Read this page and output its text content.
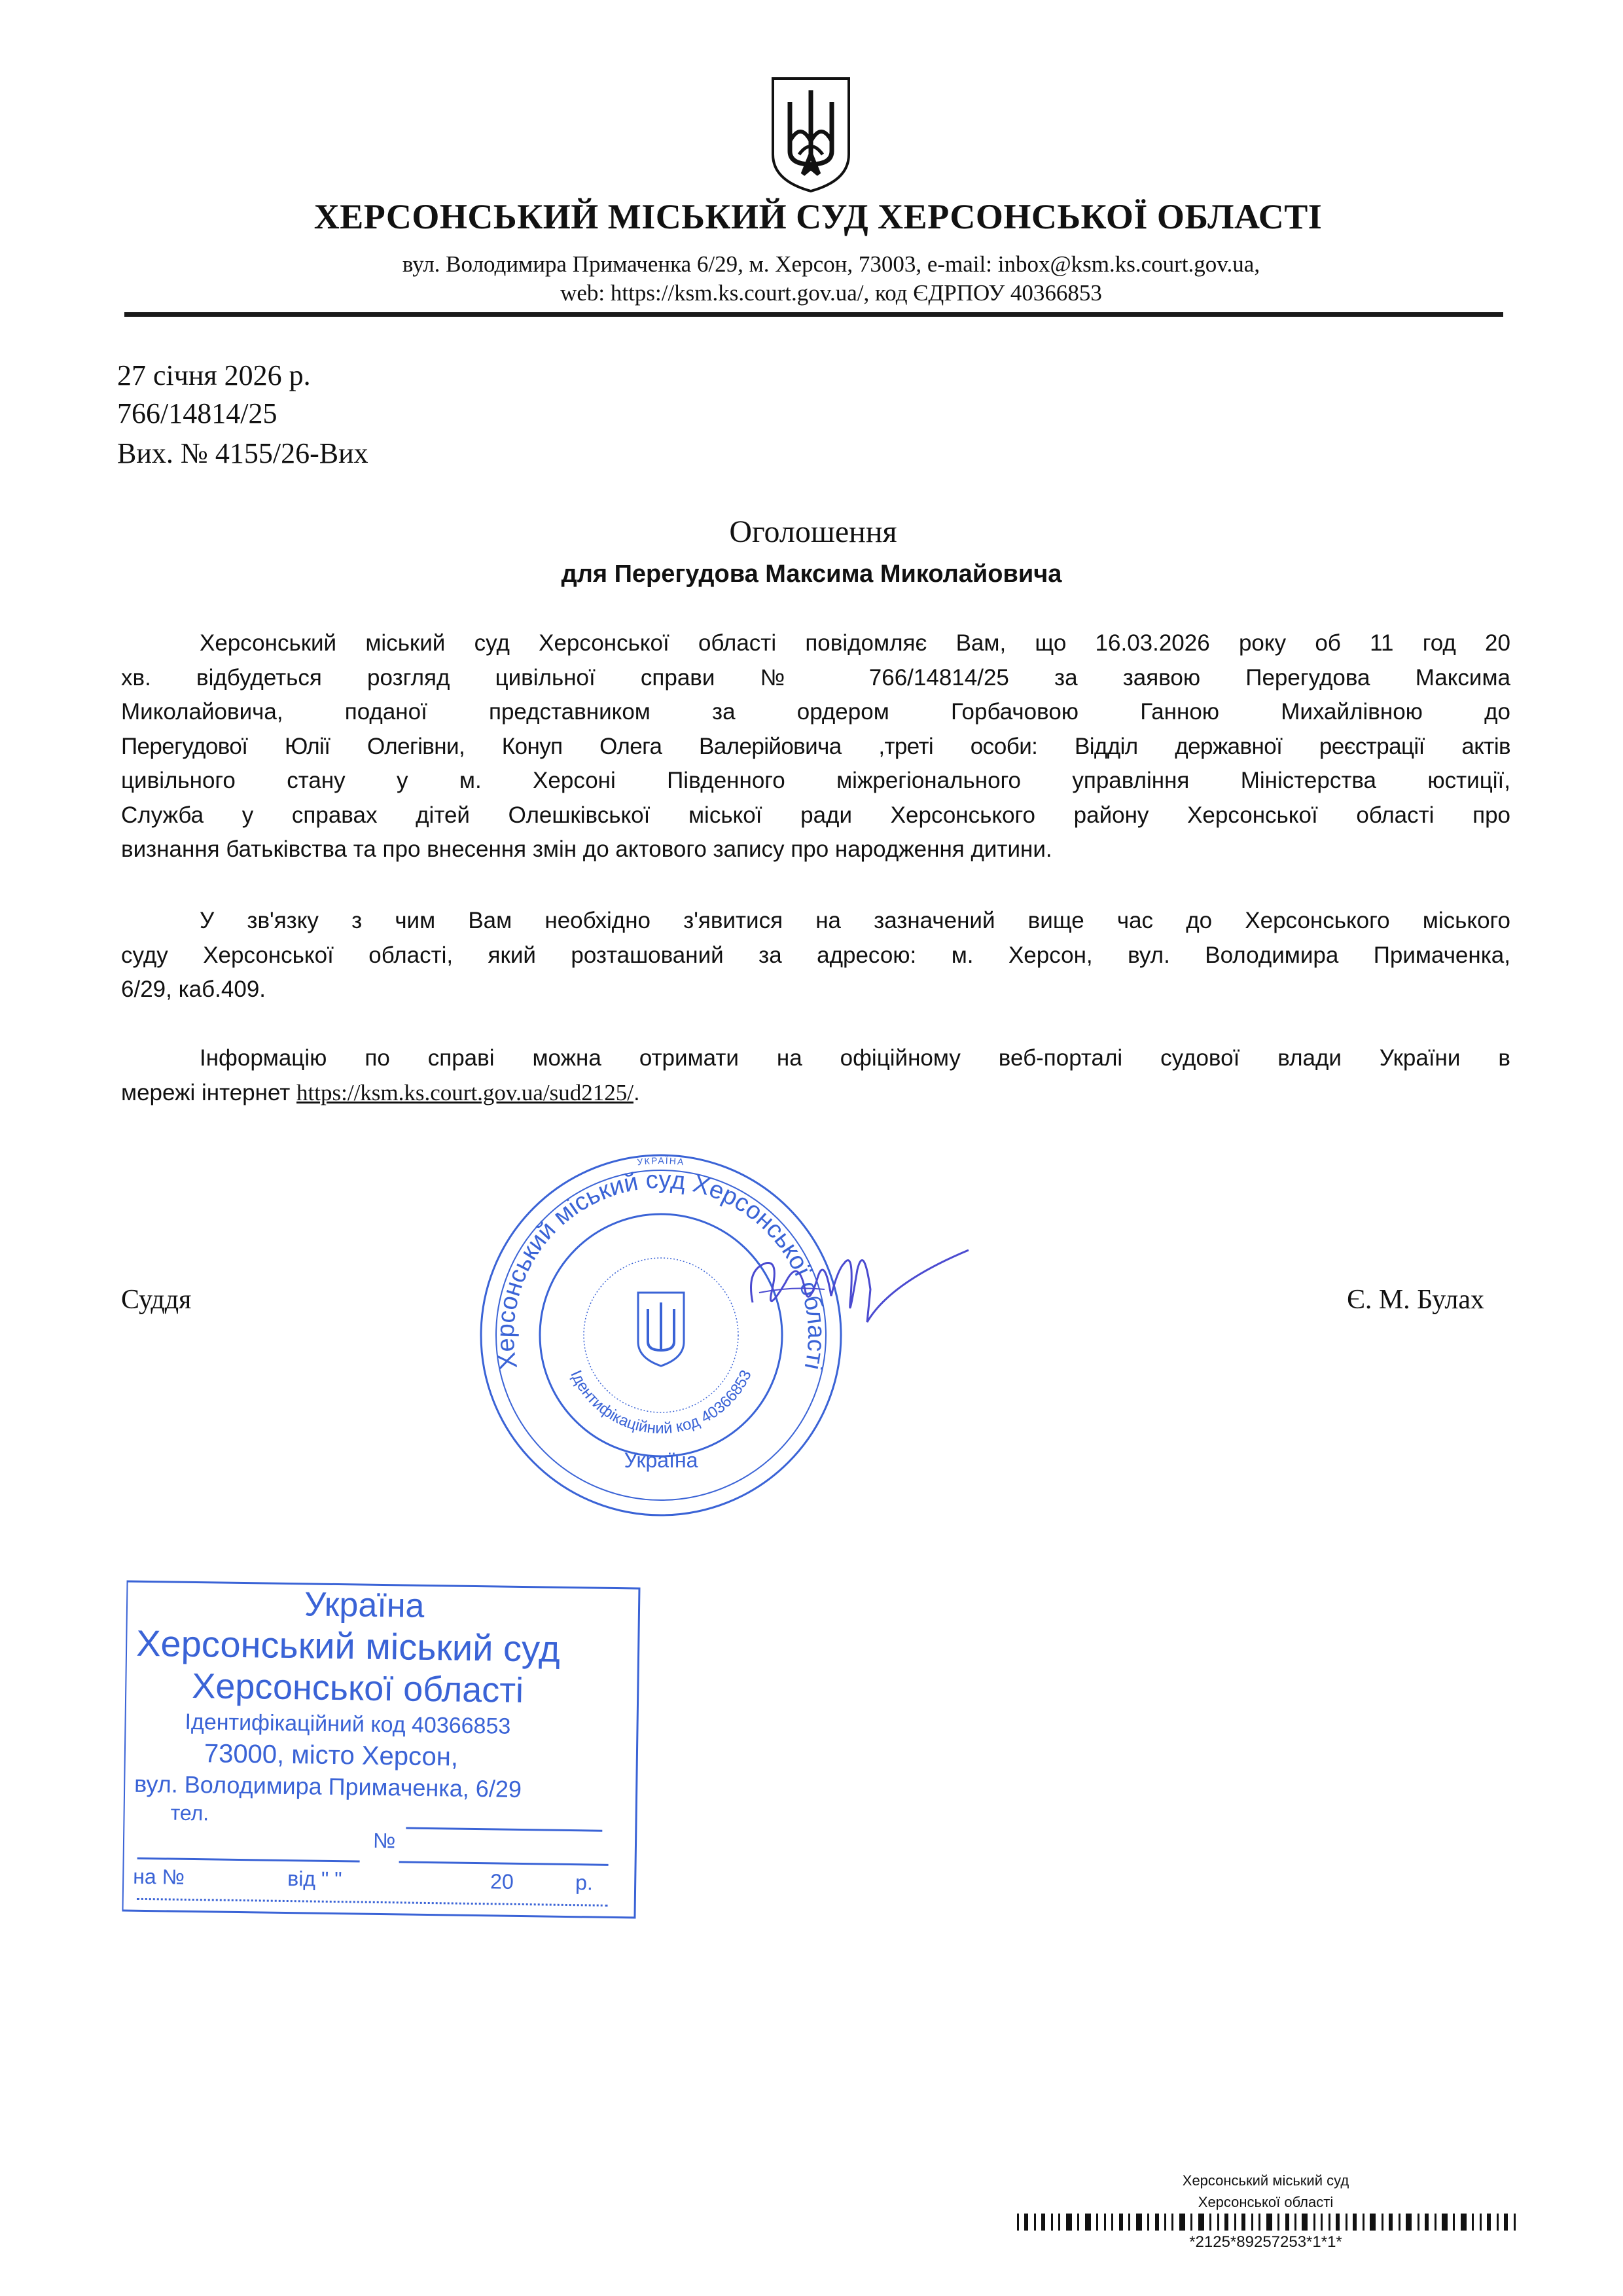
ХЕРСОНСЬКИЙ МІСЬКИЙ СУД ХЕРСОНСЬКОЇ ОБЛАСТІ
вул. Володимира Примаченка 6/29, м. Херсон, 73003, e-mail: inbox@ksm.ks.court.gov.ua,
web: https://ksm.ks.court.gov.ua/, код ЄДРПОУ 40366853
27 січня 2026 р.
766/14814/25
Вих. № 4155/26-Вих
Оголошення
для Перегудова Максима Миколайовича
Херсонський міський суд Херсонської області повідомляє Вам, що 16.03.2026 року об 11 год 20
хв. відбудеться розгляд цивільної справи № 766/14814/25 за заявою Перегудова Максима
Миколайовича, поданої представником за ордером Горбачовою Ганною Михайлівною до
Перегудової Юлії Олегівни, Конуп Олега Валерійовича ,треті особи: Відділ державної реєстрації актів
цивільного стану у м. Херсоні Південного міжрегіонального управління Міністерства юстиції,
Служба у справах дітей Олешківської міської ради Херсонського району Херсонської області про
визнання батьківства та про внесення змін до актового запису про народження дитини.
У зв'язку з чим Вам необхідно з'явитися на зазначений вище час до Херсонського міського
суду Херсонської області, який розташований за адресою: м. Херсон, вул. Володимира Примаченка,
6/29, каб.409.
Інформацію по справі можна отримати на офіційному веб-порталі судової влади України в
мережі інтернет https://ksm.ks.court.gov.ua/sud2125/.
Херсонський міський суд Херсонської області
Ідентифікаційний код 40366853
УКРАЇНА
Україна
Суддя	Є. М. Булах
Україна
Херсонський міський суд
Херсонської області
Ідентифікаційний код 40366853
73000, місто Херсон,
вул. Володимира Примаченка, 6/29
тел.
№
на №	від " "	20	р.
Херсонський міський суд
Херсонської області
*2125*89257253*1*1*
